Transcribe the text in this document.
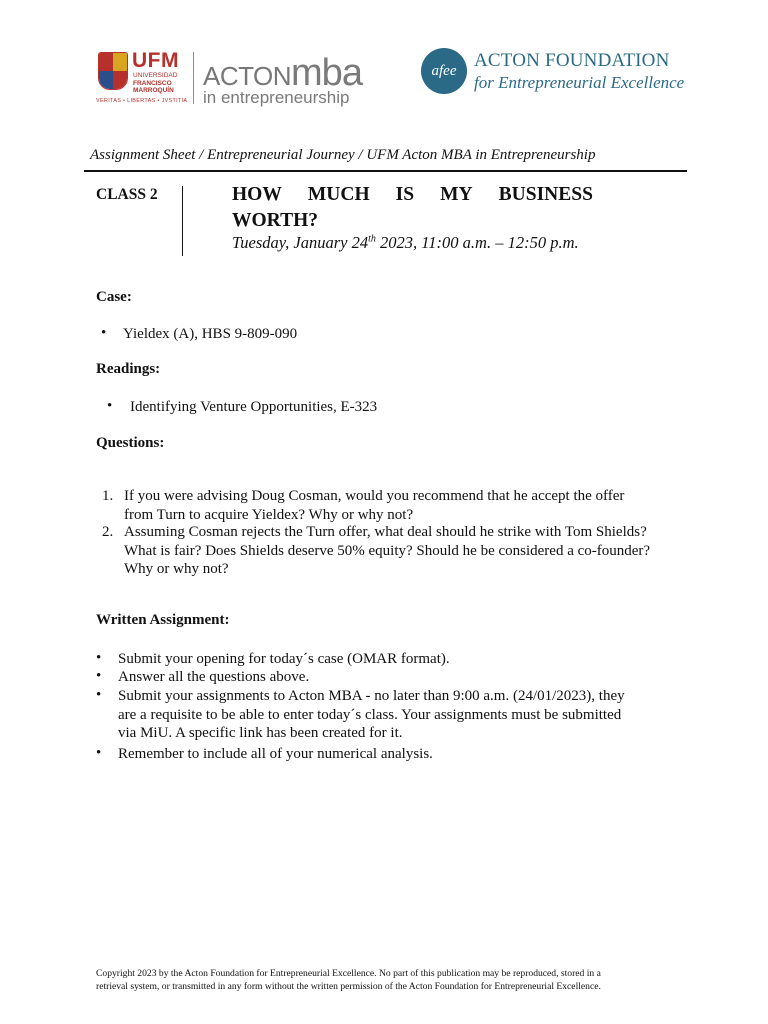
UFM
UNIVERSIDAD
FRANCISCO
MARROQUÍN
VERITAS • LIBERTAS • JVSTITIA
ACTONmba
in entrepreneurship
afee ACTON FOUNDATION
for Entrepreneurial Excellence
Assignment Sheet / Entrepreneurial Journey / UFM Acton MBA in Entrepreneurship
CLASS 2	HOW MUCH IS MY BUSINESS
WORTH?
Tuesday, January 24th 2023, 11:00 a.m. – 12:50 p.m.
Case:
• Yieldex (A), HBS 9-809-090
Readings:
• Identifying Venture Opportunities, E-323
Questions:
1. If you were advising Doug Cosman, would you recommend that he accept the offer
from Turn to acquire Yieldex? Why or why not?
2. Assuming Cosman rejects the Turn offer, what deal should he strike with Tom Shields?
What is fair? Does Shields deserve 50% equity? Should he be considered a co-founder?
Why or why not?
Written Assignment:
• Submit your opening for today´s case (OMAR format).
• Answer all the questions above.
• Submit your assignments to Acton MBA - no later than 9:00 a.m. (24/01/2023), they
are a requisite to be able to enter today´s class. Your assignments must be submitted
via MiU. A specific link has been created for it.
• Remember to include all of your numerical analysis.
Copyright 2023 by the Acton Foundation for Entrepreneurial Excellence. No part of this publication may be reproduced, stored in a
retrieval system, or transmitted in any form without the written permission of the Acton Foundation for Entrepreneurial Excellence.
